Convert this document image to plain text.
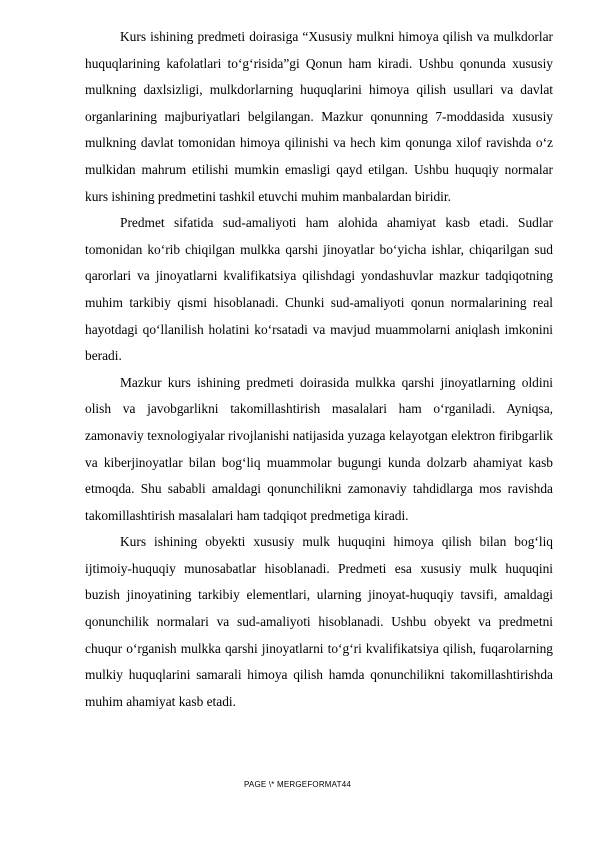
Kurs ishining predmeti doirasiga “Xususiy mulkni himoya qilish va mulkdorlar huquqlarining kafolatlari to‘g‘risida”gi Qonun ham kiradi. Ushbu qonunda xususiy mulkning daxlsizligi, mulkdorlarning huquqlarini himoya qilish usullari va davlat organlarining majburiyatlari belgilangan. Mazkur qonunning 7-moddasida xususiy mulkning davlat tomonidan himoya qilinishi va hech kim qonunga xilof ravishda o‘z mulkidan mahrum etilishi mumkin emasligi qayd etilgan. Ushbu huquqiy normalar kurs ishining predmetini tashkil etuvchi muhim manbalardan biridir.

Predmet sifatida sud-amaliyoti ham alohida ahamiyat kasb etadi. Sudlar tomonidan ko‘rib chiqilgan mulkka qarshi jinoyatlar bo‘yicha ishlar, chiqarilgan sud qarorlari va jinoyatlarni kvalifikatsiya qilishdagi yondashuvlar mazkur tadqiqotning muhim tarkibiy qismi hisoblanadi. Chunki sud-amaliyoti qonun normalarining real hayotdagi qo‘llanilish holatini ko‘rsatadi va mavjud muammolarni aniqlash imkonini beradi.

Mazkur kurs ishining predmeti doirasida mulkka qarshi jinoyatlarning oldini olish va javobgarlikni takomillashtirish masalalari ham o‘rganiladi. Ayniqsa, zamonaviy texnologiyalar rivojlanishi natijasida yuzaga kelayotgan elektron firibgarlik va kiberjinoyatlar bilan bog‘liq muammolar bugungi kunda dolzarb ahamiyat kasb etmoqda. Shu sababli amaldagi qonunchilikni zamonaviy tahdidlarga mos ravishda takomillashtirish masalalari ham tadqiqot predmetiga kiradi.

Kurs ishining obyekti xususiy mulk huquqini himoya qilish bilan bog‘liq ijtimoiy-huquqiy munosabatlar hisoblanadi. Predmeti esa xususiy mulk huquqini buzish jinoyatining tarkibiy elementlari, ularning jinoyat-huquqiy tavsifi, amaldagi qonunchilik normalari va sud-amaliyoti hisoblanadi. Ushbu obyekt va predmetni chuqur o‘rganish mulkka qarshi jinoyatlarni to‘g‘ri kvalifikatsiya qilish, fuqarolarning mulkiy huquqlarini samarali himoya qilish hamda qonunchilikni takomillashtirishda muhim ahamiyat kasb etadi.

PAGE \* MERGEFORMAT44
